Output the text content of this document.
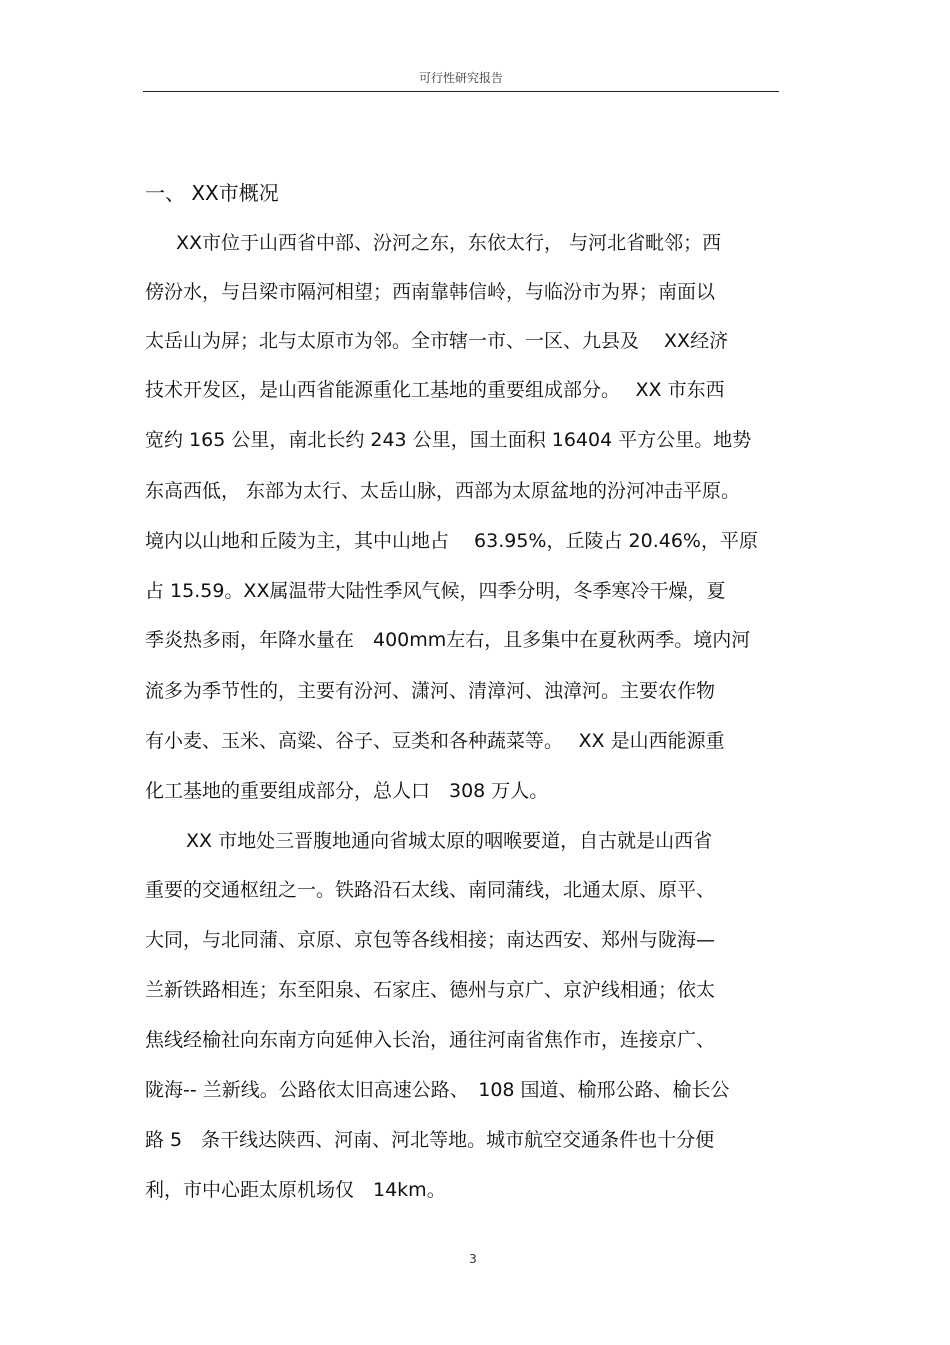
可行性研究报告
一、 XX市概况
XX市位于山西省中部、汾河之东，东依太行， 与河北省毗邻；西
傍汾水，与吕梁市隔河相望；西南靠韩信岭，与临汾市为界；南面以
太岳山为屏；北与太原市为邻。全市辖一市、一区、九县及　 XX经济
技术开发区，是山西省能源重化工基地的重要组成部分。　 XX 市东西
宽约 165 公里，南北长约 243 公里，国土面积 16404 平方公里。地势
东高西低， 东部为太行、太岳山脉，西部为太原盆地的汾河冲击平原。
境内以山地和丘陵为主，其中山地占　 63.95%，丘陵占 20.46%，平原
占 15.59。XX属温带大陆性季风气候，四季分明，冬季寒冷干燥，夏
季炎热多雨，年降水量在　400mm左右，且多集中在夏秋两季。境内河
流多为季节性的，主要有汾河、潇河、清漳河、浊漳河。主要农作物
有小麦、玉米、高粱、谷子、豆类和各种蔬菜等。　 XX 是山西能源重
化工基地的重要组成部分，总人口　308 万人。
XX 市地处三晋腹地通向省城太原的咽喉要道，自古就是山西省
重要的交通枢纽之一。铁路沿石太线、南同蒲线，北通太原、原平、
大同，与北同蒲、京原、京包等各线相接；南达西安、郑州与陇海—
兰新铁路相连；东至阳泉、石家庄、德州与京广、京沪线相通；依太
焦线经榆社向东南方向延伸入长治，通往河南省焦作市，连接京广、
陇海-- 兰新线。公路依太旧高速公路、　108 国道、榆邢公路、榆长公
路 5　条干线达陕西、河南、河北等地。城市航空交通条件也十分便
利，市中心距太原机场仅　14km。
3
